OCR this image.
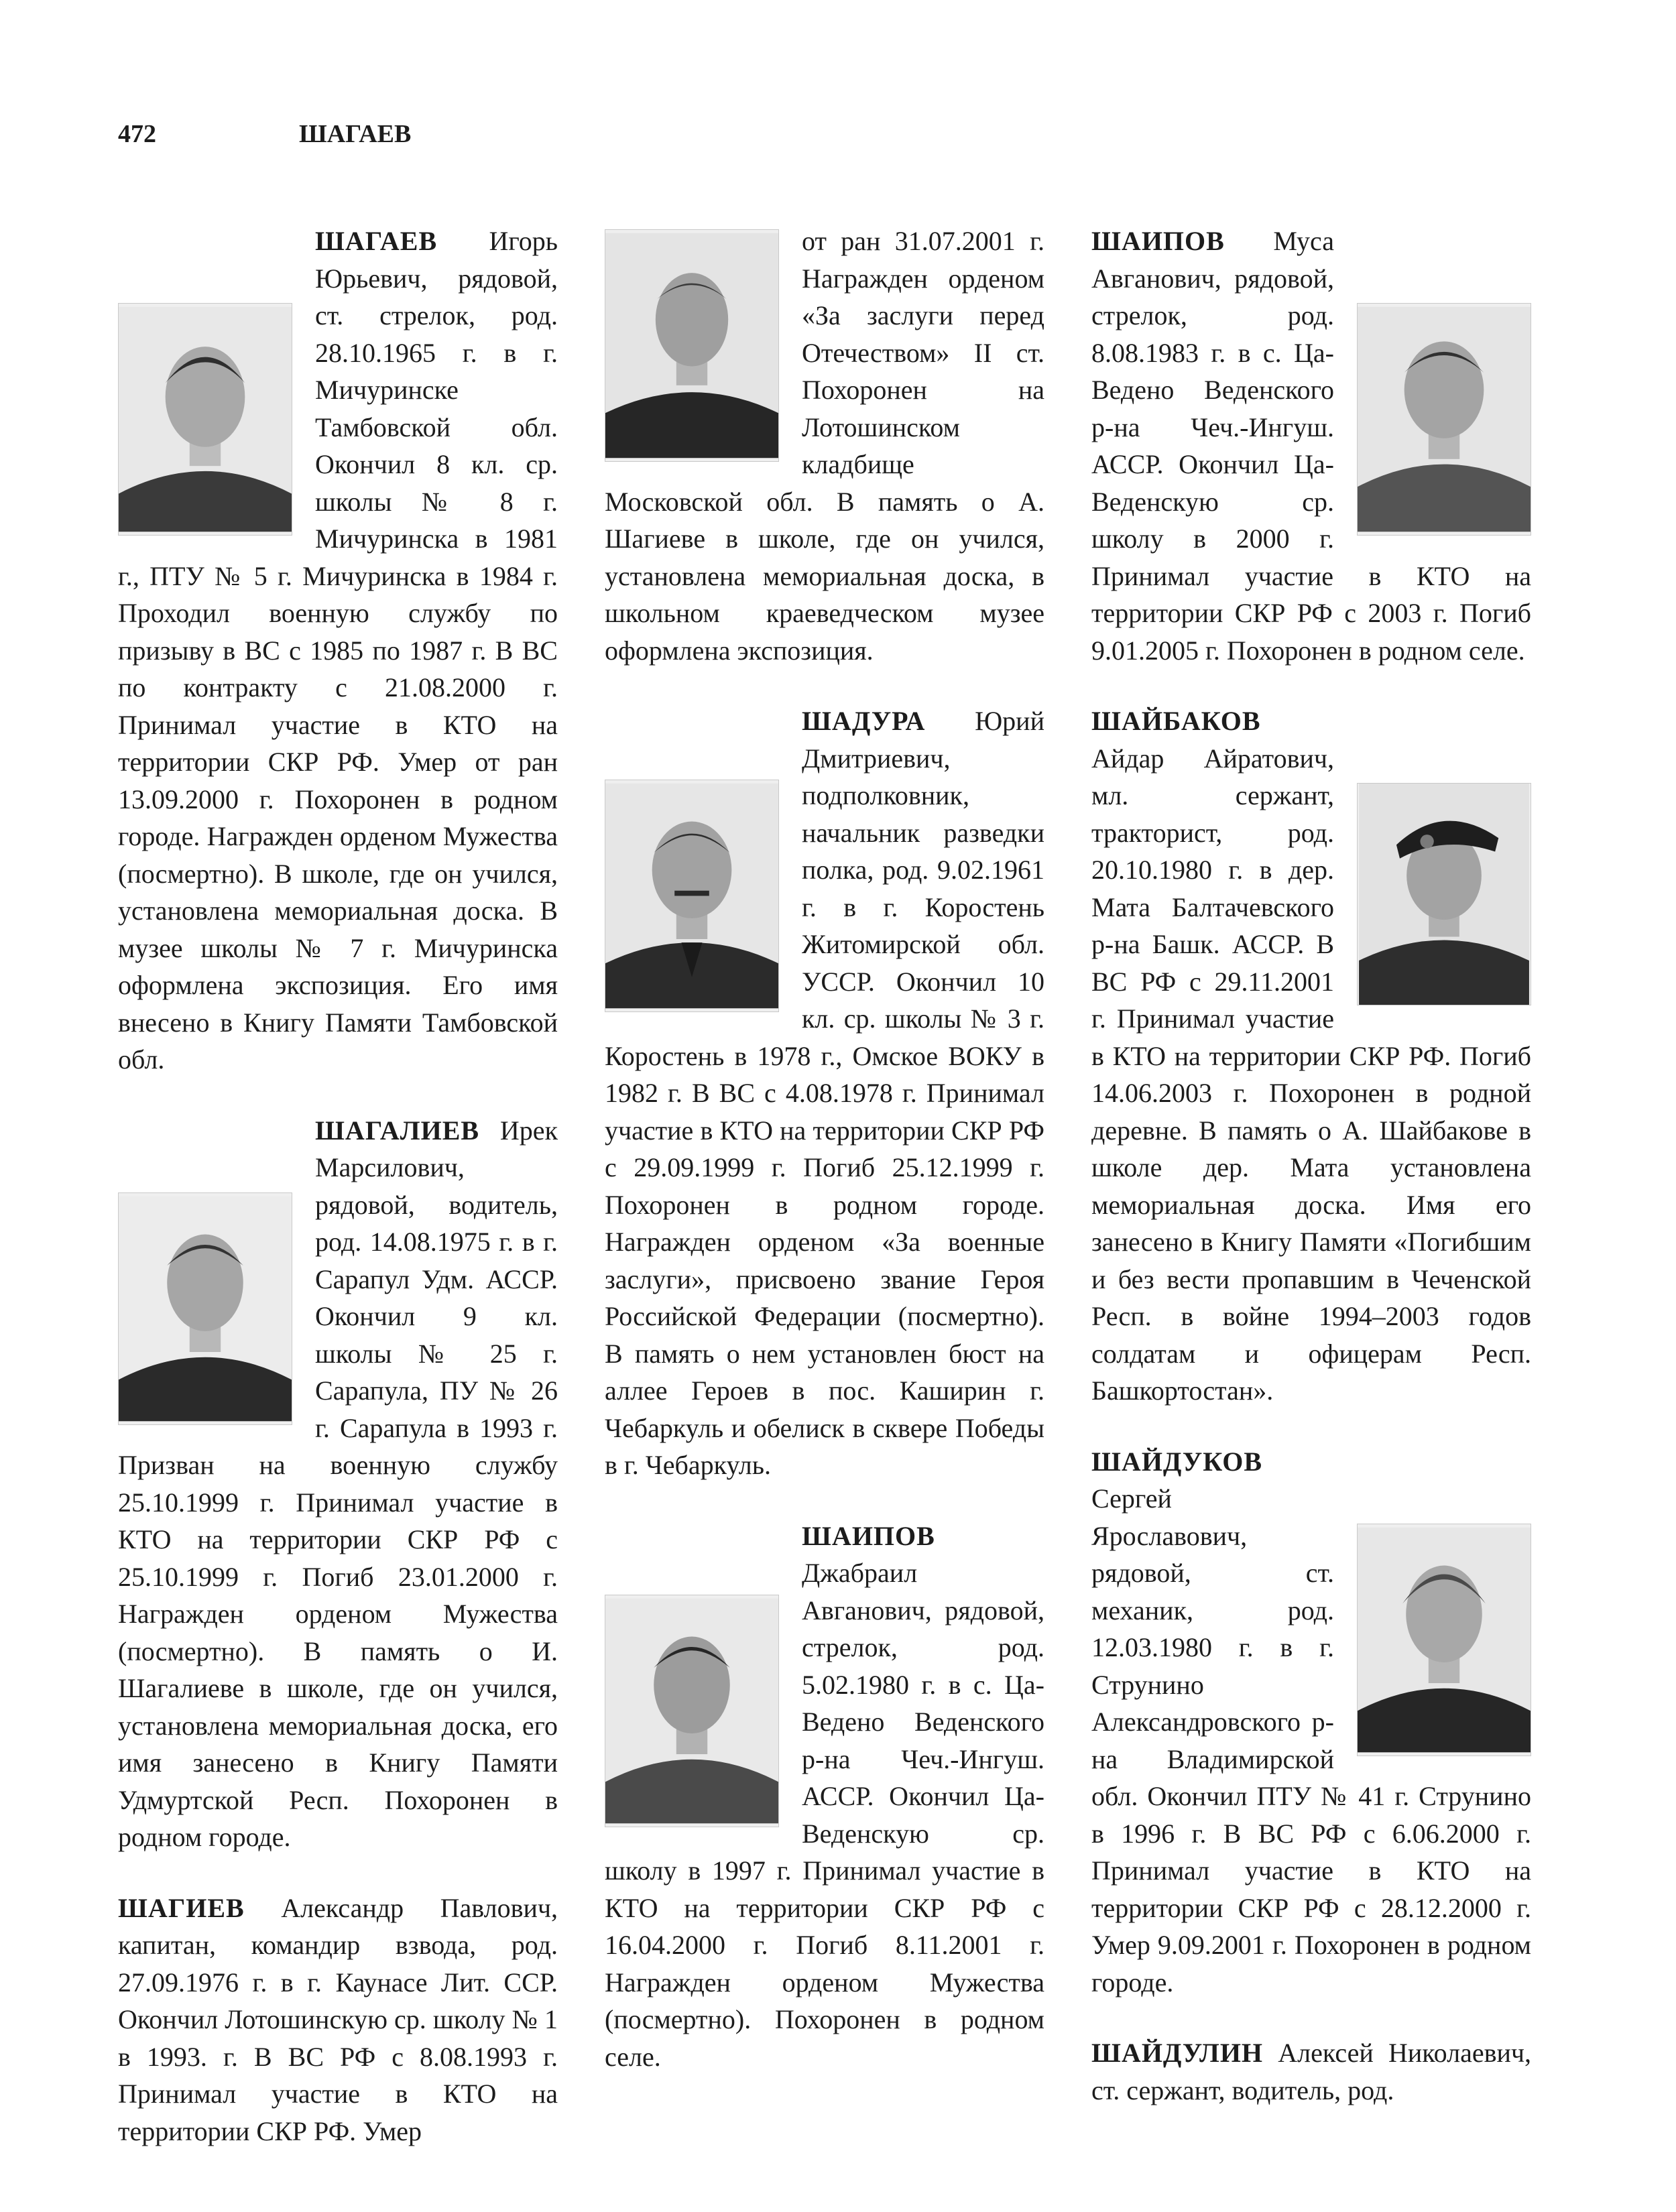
472	ШАГАЕВ

ШАГАЕВ Игорь Юрьевич, рядовой, ст. стрелок, род. 28.10.1965 г. в г. Мичуринске Тамбовской обл. Окончил 8 кл. ср. школы № 8 г. Мичуринска в 1981 г., ПТУ № 5 г. Мичуринска в 1984 г. Проходил военную службу по призыву в ВС с 1985 по 1987 г. В ВС по контракту с 21.08.2000 г. Принимал участие в КТО на территории СКР РФ. Умер от ран 13.09.2000 г. Похоронен в родном городе. Награжден орденом Мужества (посмертно). В школе, где он учился, установлена мемориальная доска. В музее школы № 7 г. Мичуринска оформлена экспозиция. Его имя внесено в Книгу Памяти Тамбовской обл.

ШАГАЛИЕВ Ирек Марсилович, рядовой, водитель, род. 14.08.1975 г. в г. Сарапул Удм. АССР. Окончил 9 кл. школы № 25 г. Сарапула, ПУ № 26 г. Сарапула в 1993 г. Призван на военную службу 25.10.1999 г. Принимал участие в КТО на территории СКР РФ с 25.10.1999 г. Погиб 23.01.2000 г. Награжден орденом Мужества (посмертно). В память о И. Шагалиеве в школе, где он учился, установлена мемориальная доска, его имя занесено в Книгу Памяти Удмуртской Респ. Похоронен в родном городе.

ШАГИЕВ Александр Павлович, капитан, командир взвода, род. 27.09.1976 г. в г. Каунасе Лит. ССР. Окончил Лотошинскую ср. школу № 1 в 1993. г. В ВС РФ с 8.08.1993 г. Принимал участие в КТО на территории СКР РФ. Умер

от ран 31.07.2001 г. Награжден орденом «За заслуги перед Отечеством» II ст. Похоронен на Лотошинском кладбище Московской обл. В память о А. Шагиеве в школе, где он учился, установлена мемориальная доска, в школьном краеведческом музее оформлена экспозиция.

ШАДУРА Юрий Дмитриевич, подполковник, начальник разведки полка, род. 9.02.1961 г. в г. Коростень Житомирской обл. УССР. Окончил 10 кл. ср. школы № 3 г. Коростень в 1978 г., Омское ВОКУ в 1982 г. В ВС с 4.08.1978 г. Принимал участие в КТО на территории СКР РФ с 29.09.1999 г. Погиб 25.12.1999 г. Похоронен в родном городе. Награжден орденом «За военные заслуги», присвоено звание Героя Российской Федерации (посмертно). В память о нем установлен бюст на аллее Героев в пос. Каширин г. Чебаркуль и обелиск в сквере Победы в г. Чебаркуль.

ШАИПОВ Джабраил Авганович, рядовой, стрелок, род. 5.02.1980 г. в с. Ца-Ведено Веденского р-на Чеч.-Ингуш. АССР. Окончил Ца-Веденскую ср. школу в 1997 г. Принимал участие в КТО на территории СКР РФ с 16.04.2000 г. Погиб 8.11.2001 г. Награжден орденом Мужества (посмертно). Похоронен в родном селе.

ШАИПОВ Муса Авганович, рядовой, стрелок, род. 8.08.1983 г. в с. Ца-Ведено Веденского р-на Чеч.-Ингуш. АССР. Окончил Ца-Веденскую ср. школу в 2000 г. Принимал участие в КТО на территории СКР РФ с 2003 г. Погиб 9.01.2005 г. Похоронен в родном селе.

ШАЙБАКОВ Айдар Айратович, мл. сержант, тракторист, род. 20.10.1980 г. в дер. Мата Балтачевского р-на Башк. АССР. В ВС РФ с 29.11.2001 г. Принимал участие в КТО на территории СКР РФ. Погиб 14.06.2003 г. Похоронен в родной деревне. В память о А. Шайбакове в школе дер. Мата установлена мемориальная доска. Имя его занесено в Книгу Памяти «Погибшим и без вести пропавшим в Чеченской Респ. в войне 1994–2003 годов солдатам и офицерам Респ. Башкортостан».

ШАЙДУКОВ Сергей Ярославович, рядовой, ст. механик, род. 12.03.1980 г. в г. Струнино Александровского р-на Владимирской обл. Окончил ПТУ № 41 г. Струнино в 1996 г. В ВС РФ с 6.06.2000 г. Принимал участие в КТО на территории СКР РФ с 28.12.2000 г. Умер 9.09.2001 г. Похоронен в родном городе.

ШАЙДУЛИН Алексей Николаевич, ст. сержант, водитель, род.
